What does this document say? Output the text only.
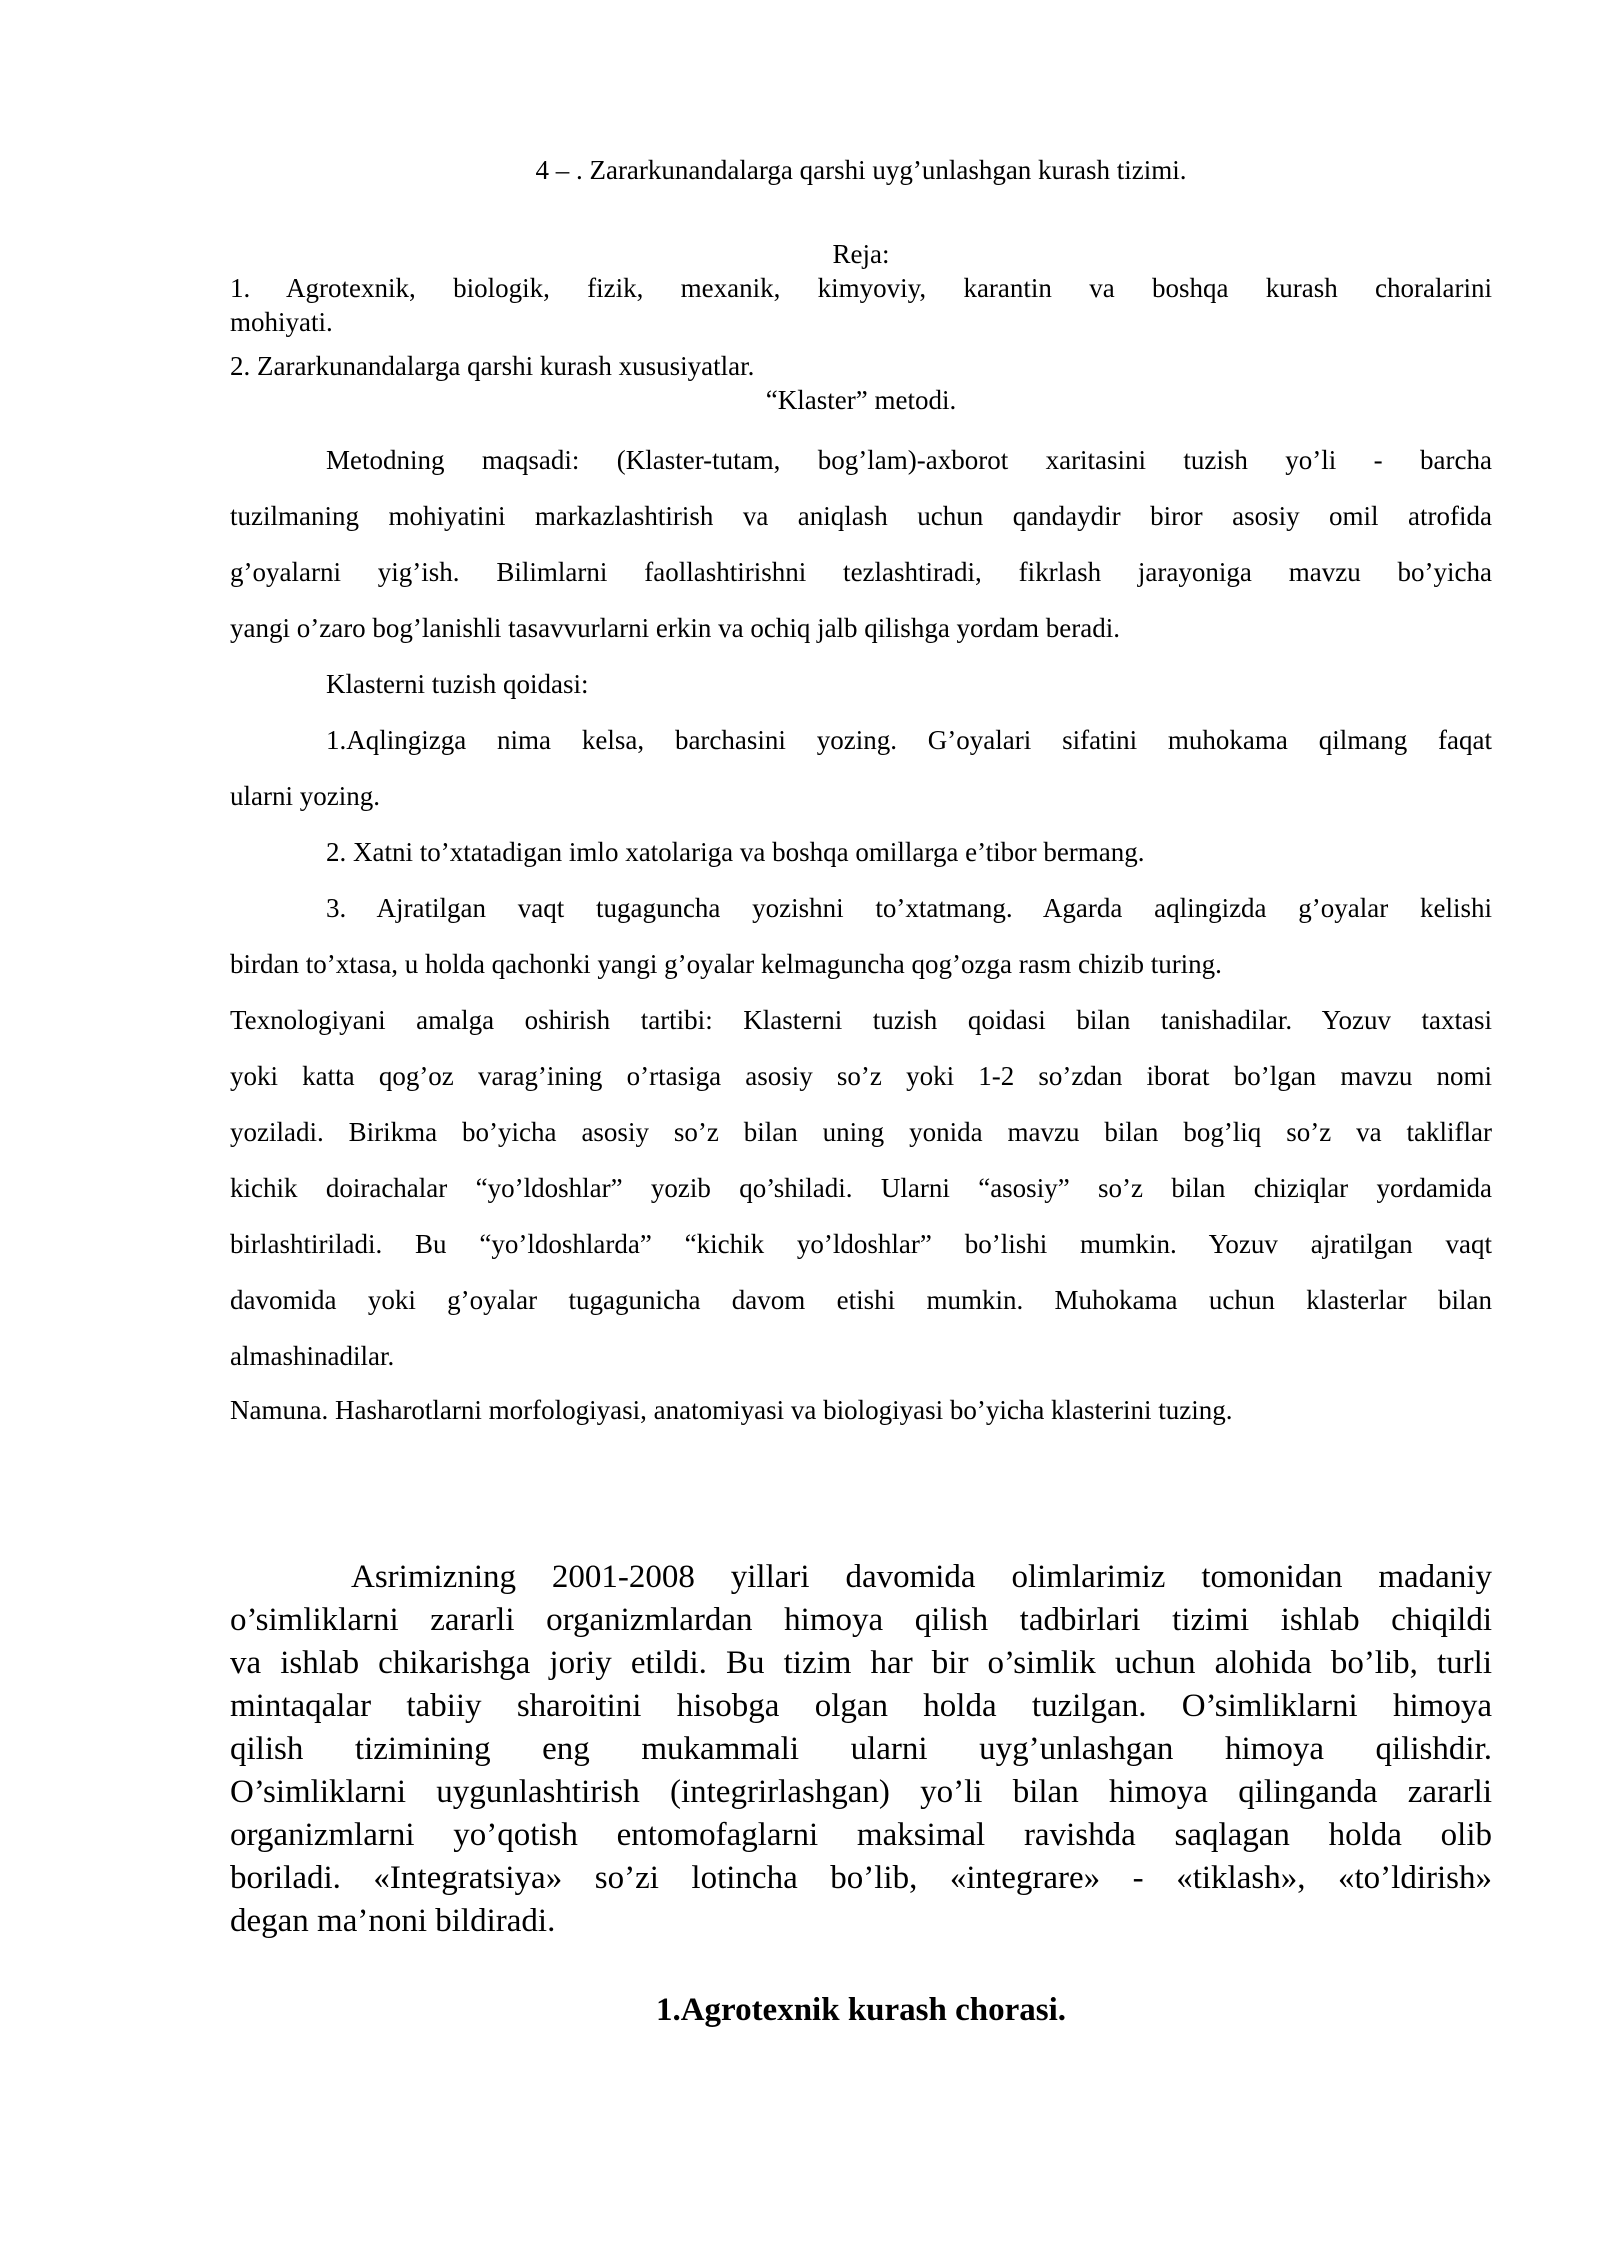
4 – . Zararkunandalarga qarshi uyg’unlashgan kurash tizimi.
Reja:
1. Agrotexnik, biologik, fizik, mexanik, kimyoviy, karantin va boshqa kurash choralarini
mohiyati.
2. Zararkunandalarga qarshi kurash xususiyatlar.
“Klaster” metodi.
Metodning maqsadi: (Klaster-tutam, bog’lam)-axborot xaritasini tuzish yo’li - barcha
tuzilmaning mohiyatini markazlashtirish va aniqlash uchun qandaydir biror asosiy omil atrofida
g’oyalarni yig’ish. Bilimlarni faollashtirishni tezlashtiradi, fikrlash jarayoniga mavzu bo’yicha
yangi o’zaro bog’lanishli tasavvurlarni erkin va ochiq jalb qilishga yordam beradi.
Klasterni tuzish qoidasi:
1.Aqlingizga nima kelsa, barchasini yozing. G’oyalari sifatini muhokama qilmang faqat
ularni yozing.
2. Xatni to’xtatadigan imlo xatolariga va boshqa omillarga e’tibor bermang.
3. Ajratilgan vaqt tugaguncha yozishni to’xtatmang. Agarda aqlingizda g’oyalar kelishi
birdan to’xtasa, u holda qachonki yangi g’oyalar kelmaguncha qog’ozga rasm chizib turing.
Texnologiyani amalga oshirish tartibi: Klasterni tuzish qoidasi bilan tanishadilar. Yozuv taxtasi
yoki katta qog’oz varag’ining o’rtasiga asosiy so’z yoki 1-2 so’zdan iborat bo’lgan mavzu nomi
yoziladi. Birikma bo’yicha asosiy so’z bilan uning yonida mavzu bilan bog’liq so’z va takliflar
kichik doirachalar “yo’ldoshlar” yozib qo’shiladi. Ularni “asosiy” so’z bilan chiziqlar yordamida
birlashtiriladi. Bu “yo’ldoshlarda” “kichik yo’ldoshlar” bo’lishi mumkin. Yozuv ajratilgan vaqt
davomida yoki g’oyalar tugagunicha davom etishi mumkin. Muhokama uchun klasterlar bilan
almashinadilar.
Namuna. Hasharotlarni morfologiyasi, anatomiyasi va biologiyasi bo’yicha klasterini tuzing.
Asrimizning 2001-2008 yillari davomida olimlarimiz tomonidan madaniy
o’simliklarni zararli organizmlardan himoya qilish tadbirlari tizimi ishlab chiqildi
va ishlab chikarishga joriy etildi. Bu tizim har bir o’simlik uchun alohida bo’lib, turli
mintaqalar tabiiy sharoitini hisobga olgan holda tuzilgan. O’simliklarni himoya
qilish tizimining eng mukammali ularni uyg’unlashgan himoya qilishdir.
O’simliklarni uygunlashtirish (integrirlashgan) yo’li bilan himoya qilinganda zararli
organizmlarni yo’qotish entomofaglarni maksimal ravishda saqlagan holda olib
boriladi. «Integratsiya» so’zi lotincha bo’lib, «integrare» - «tiklash», «to’ldirish»
degan ma’noni bildiradi.
1.Agrotexnik kurash chorasi.
